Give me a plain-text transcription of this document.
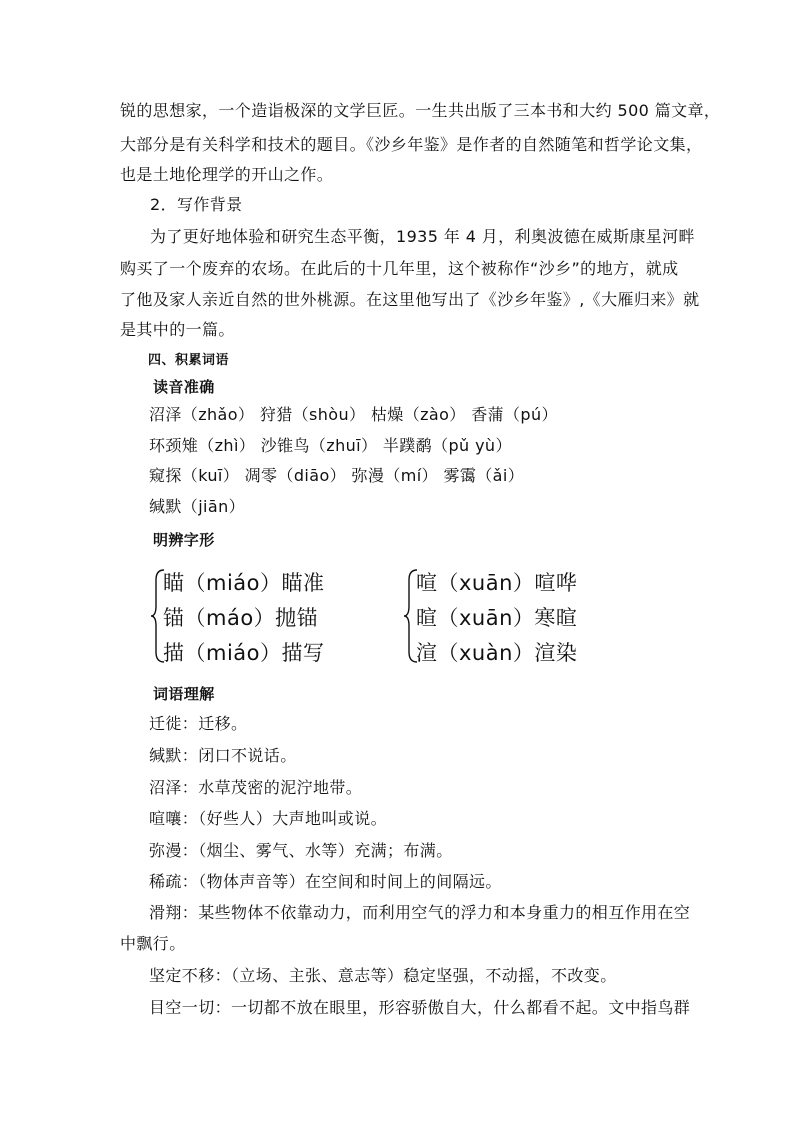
锐的思想家，一个造诣极深的文学巨匠。一生共出版了三本书和大约 500 篇文章，
大部分是有关科学和技术的题目。《沙乡年鉴》是作者的自然随笔和哲学论文集，
也是土地伦理学的开山之作。
2．写作背景
为了更好地体验和研究生态平衡，1935 年 4 月，利奥波德在威斯康星河畔
购买了一个废弃的农场。在此后的十几年里，这个被称作“沙乡”的地方，就成
了他及家人亲近自然的世外桃源。在这里他写出了《沙乡年鉴》,《大雁归来》就
是其中的一篇。
四、积累词语
读音准确
沼泽（zhǎo） 狩猎（shòu） 枯燥（zào） 香蒲（pú）
环颈雉（zhì） 沙锥鸟（zhuī） 半蹼鹬（pǔ yù）
窥探（kuī） 凋零（diāo） 弥漫（mí） 雾霭（ǎi）
缄默（jiān）
明辨字形
瞄（miáo）瞄准
锚（máo）抛锚
描（miáo）描写
喧（xuān）喧哗
暄（xuān）寒暄
渲（xuàn）渲染
词语理解
迁徙：迁移。
缄默：闭口不说话。
沼泽：水草茂密的泥泞地带。
喧嚷：（好些人）大声地叫或说。
弥漫：（烟尘、雾气、水等）充满；布满。
稀疏：（物体声音等）在空间和时间上的间隔远。
滑翔：某些物体不依靠动力，而利用空气的浮力和本身重力的相互作用在空
中飘行。
坚定不移：（立场、主张、意志等）稳定坚强，不动摇，不改变。
目空一切：一切都不放在眼里，形容骄傲自大，什么都看不起。文中指鸟群
